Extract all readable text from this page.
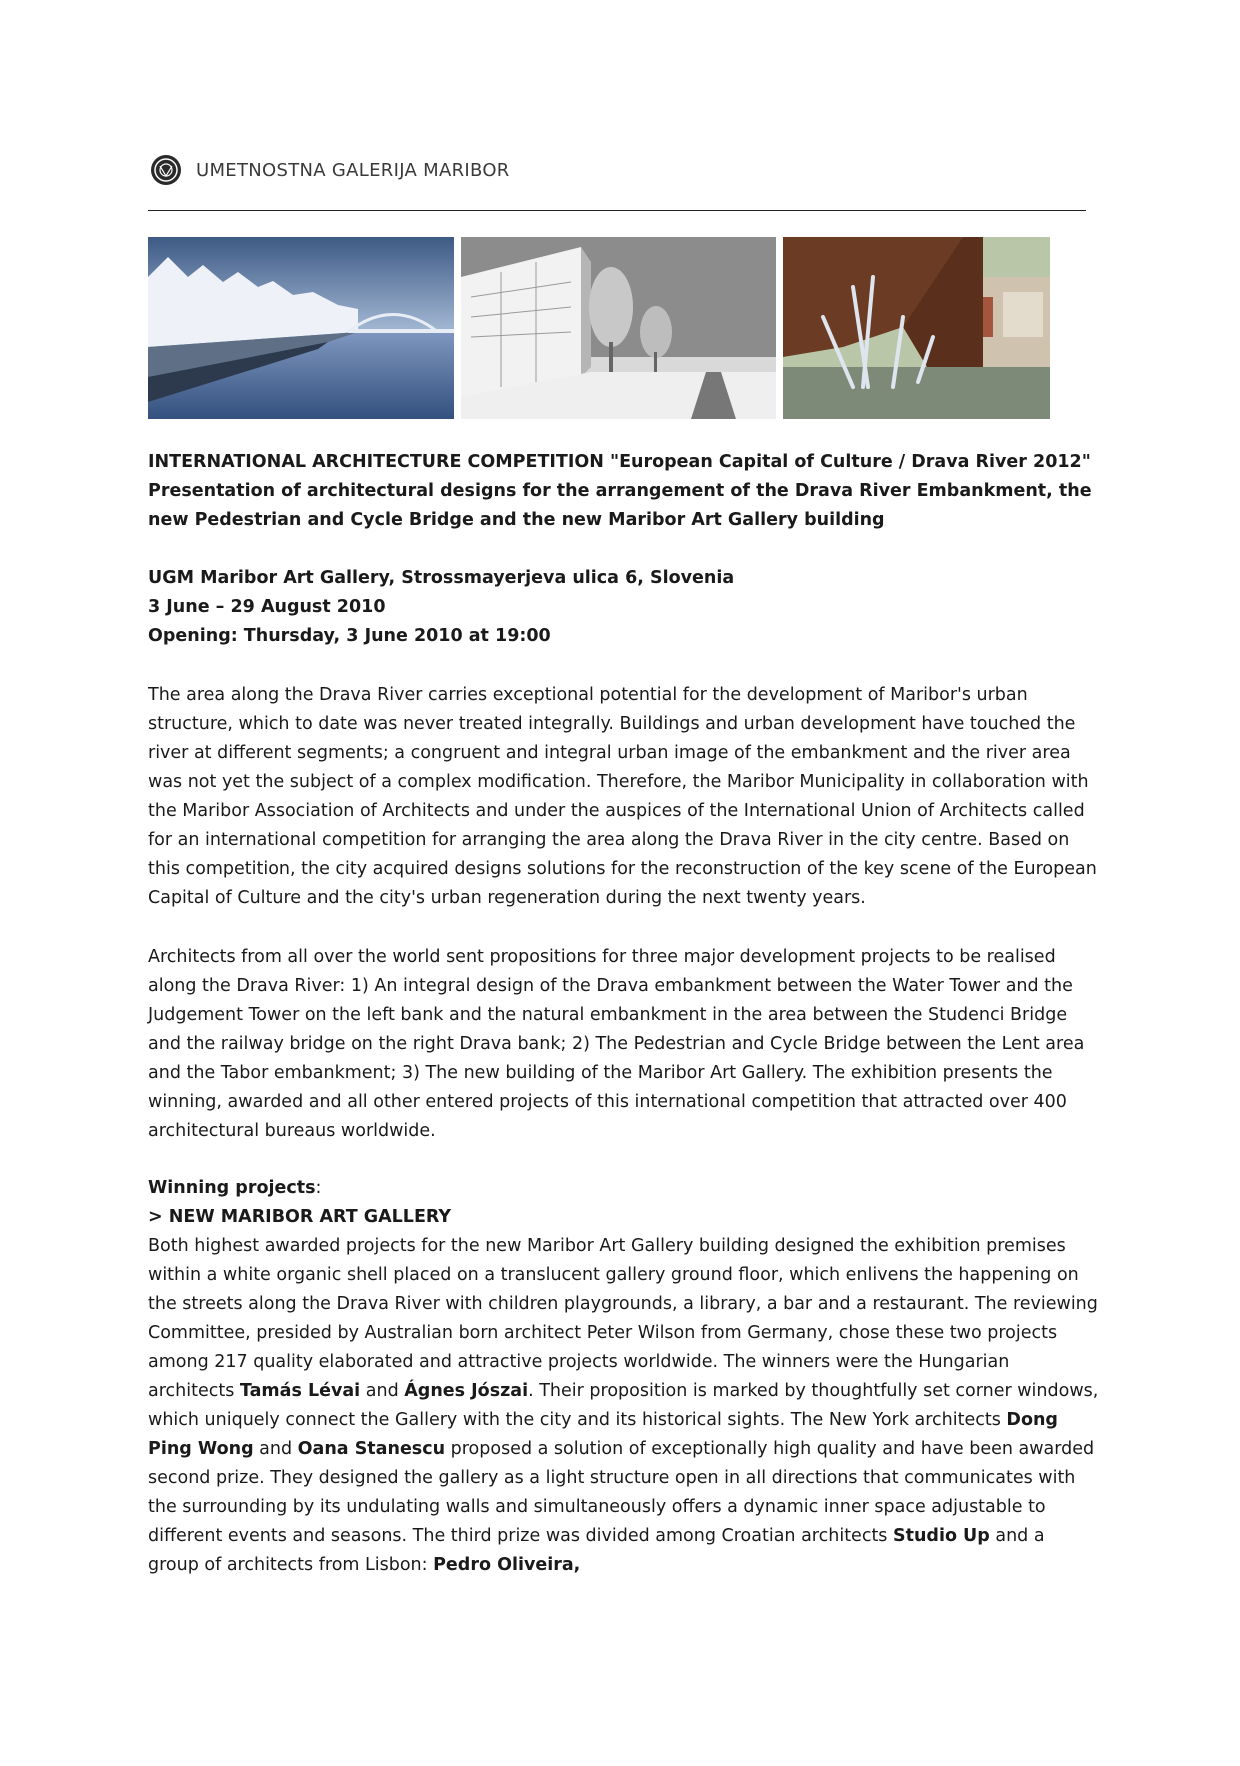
UMETNOSTNA GALERIJA MARIBOR
INTERNATIONAL ARCHITECTURE COMPETITION "European Capital of Culture / Drava River 2012"
Presentation of architectural designs for the arrangement of the Drava River Embankment, the new Pedestrian and Cycle Bridge and the new Maribor Art Gallery building
UGM Maribor Art Gallery, Strossmayerjeva ulica 6, Slovenia
3 June – 29 August 2010
Opening: Thursday, 3 June 2010 at 19:00

The area along the Drava River carries exceptional potential for the development of Maribor's urban structure, which to date was never treated integrally. Buildings and urban development have touched the river at different segments; a congruent and integral urban image of the embankment and the river area was not yet the subject of a complex modification. Therefore, the Maribor Municipality in collaboration with the Maribor Association of Architects and under the auspices of the International Union of Architects called for an international competition for arranging the area along the Drava River in the city centre. Based on this competition, the city acquired designs solutions for the reconstruction of the key scene of the European Capital of Culture and the city's urban regeneration during the next twenty years.

Architects from all over the world sent propositions for three major development projects to be realised along the Drava River: 1) An integral design of the Drava embankment between the Water Tower and the Judgement Tower on the left bank and the natural embankment in the area between the Studenci Bridge and the railway bridge on the right Drava bank; 2) The Pedestrian and Cycle Bridge between the Lent area and the Tabor embankment; 3) The new building of the Maribor Art Gallery. The exhibition presents the winning, awarded and all other entered projects of this international competition that attracted over 400 architectural bureaus worldwide.

Winning projects:
> NEW MARIBOR ART GALLERY
Both highest awarded projects for the new Maribor Art Gallery building designed the exhibition premises within a white organic shell placed on a translucent gallery ground floor, which enlivens the happening on the streets along the Drava River with children playgrounds, a library, a bar and a restaurant. The reviewing Committee, presided by Australian born architect Peter Wilson from Germany, chose these two projects among 217 quality elaborated and attractive projects worldwide. The winners were the Hungarian architects Tamás Lévai and Ágnes Jószai. Their proposition is marked by thoughtfully set corner windows, which uniquely connect the Gallery with the city and its historical sights. The New York architects Dong Ping Wong and Oana Stanescu proposed a solution of exceptionally high quality and have been awarded second prize. They designed the gallery as a light structure open in all directions that communicates with the surrounding by its undulating walls and simultaneously offers a dynamic inner space adjustable to different events and seasons. The third prize was divided among Croatian architects Studio Up and a group of architects from Lisbon: Pedro Oliveira,
